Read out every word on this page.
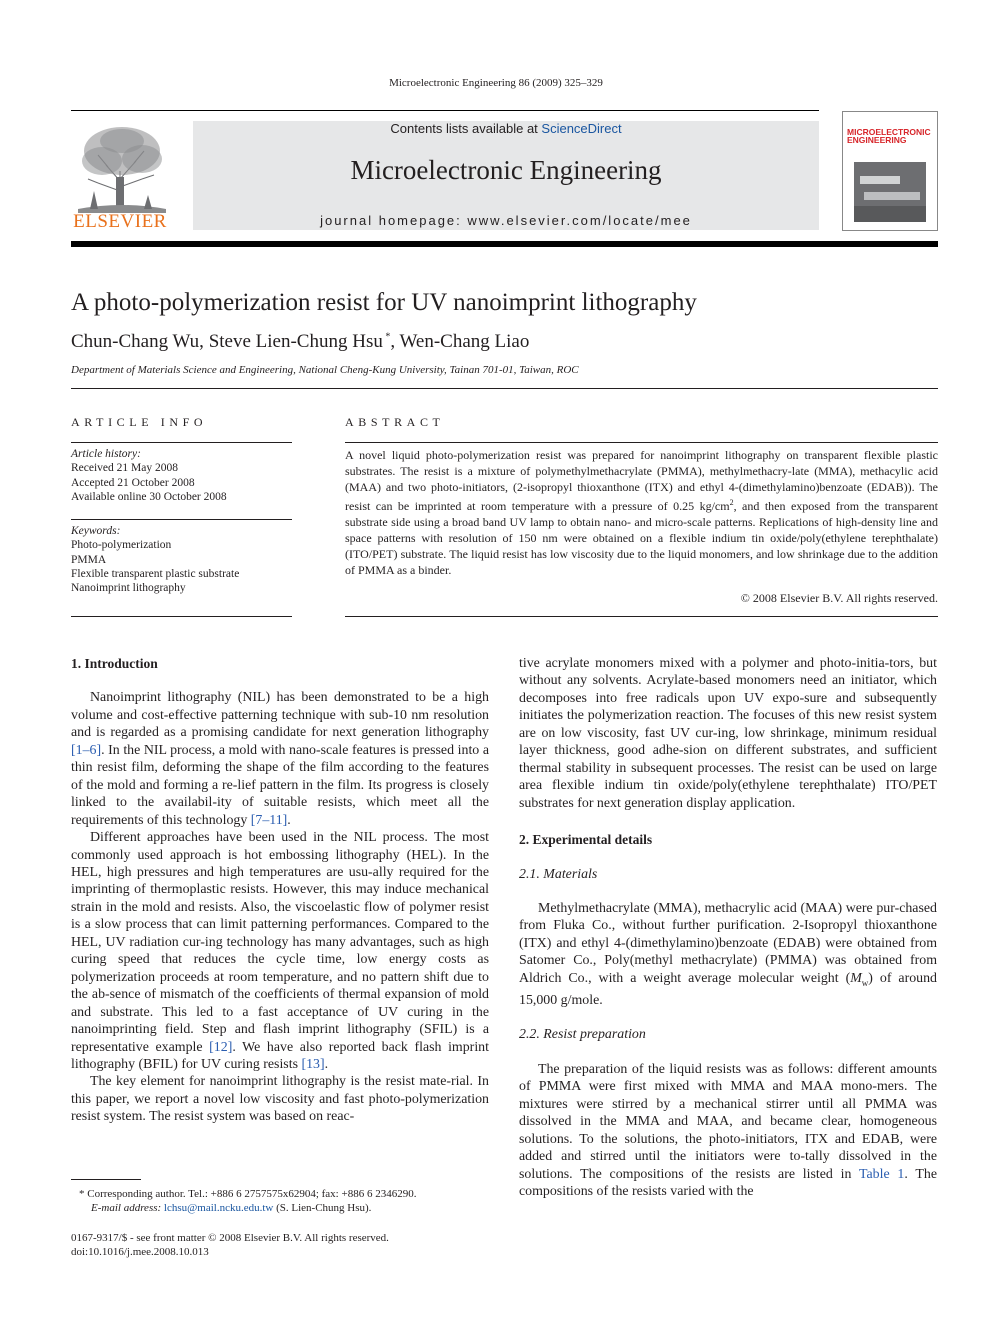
Microelectronic Engineering 86 (2009) 325–329
ELSEVIER
Contents lists available at ScienceDirect
Microelectronic Engineering
journal homepage: www.elsevier.com/locate/mee
MICROELECTRONIC ENGINEERING
A photo-polymerization resist for UV nanoimprint lithography
Chun-Chang Wu, Steve Lien-Chung Hsu *, Wen-Chang Liao
Department of Materials Science and Engineering, National Cheng-Kung University, Tainan 701-01, Taiwan, ROC
ARTICLE INFO	ABSTRACT
Article history:
Received 21 May 2008
Accepted 21 October 2008
Available online 30 October 2008
Keywords:
Photo-polymerization
PMMA
Flexible transparent plastic substrate
Nanoimprint lithography
A novel liquid photo-polymerization resist was prepared for nanoimprint lithography on transparent flexible plastic substrates. The resist is a mixture of polymethylmethacrylate (PMMA), methylmethacry-late (MMA), methacylic acid (MAA) and two photo-initiators, (2-isopropyl thioxanthone (ITX) and ethyl 4-(dimethylamino)benzoate (EDAB)). The resist can be imprinted at room temperature with a pressure of 0.25 $kg/cm^2$, and then exposed from the transparent substrate side using a broad band UV lamp to obtain nano- and micro-scale patterns. Replications of high-density line and space patterns with resolution of 150 nm were obtained on a flexible indium tin oxide/poly(ethylene terephthalate) (ITO/PET) substrate. The liquid resist has low viscosity due to the liquid monomers, and low shrinkage due to the addition of PMMA as a binder.
© 2008 Elsevier B.V. All rights reserved.
1. Introduction

Nanoimprint lithography (NIL) has been demonstrated to be a high volume and cost-effective patterning technique with sub-10 nm resolution and is regarded as a promising candidate for next generation lithography [1–6]. In the NIL process, a mold with nano-scale features is pressed into a thin resist film, deforming the shape of the film according to the features of the mold and forming a re-lief pattern in the film. Its progress is closely linked to the availabil-ity of suitable resists, which meet all the requirements of this technology [7–11].

Different approaches have been used in the NIL process. The most commonly used approach is hot embossing lithography (HEL). In the HEL, high pressures and high temperatures are usu-ally required for the imprinting of thermoplastic resists. However, this may induce mechanical strain in the mold and resists. Also, the viscoelastic flow of polymer resist is a slow process that can limit patterning performances. Compared to the HEL, UV radiation cur-ing technology has many advantages, such as high curing speed that reduces the cycle time, low energy costs as polymerization proceeds at room temperature, and no pattern shift due to the ab-sence of mismatch of the coefficients of thermal expansion of mold and substrate. This led to a fast acceptance of UV curing in the nanoimprinting field. Step and flash imprint lithography (SFIL) is a representative example [12]. We have also reported back flash imprint lithography (BFIL) for UV curing resists [13].

The key element for nanoimprint lithography is the resist mate-rial. In this paper, we report a novel low viscosity and fast photo-polymerization resist system. The resist system was based on reac-

tive acrylate monomers mixed with a polymer and photo-initia-tors, but without any solvents. Acrylate-based monomers need an initiator, which decomposes into free radicals upon UV expo-sure and subsequently initiates the polymerization reaction. The focuses of this new resist system are on low viscosity, fast UV cur-ing, low shrinkage, minimum residual layer thickness, good adhe-sion on different substrates, and sufficient thermal stability in subsequent processes. The resist can be used on large area flexible indium tin oxide/poly(ethylene terephthalate) ITO/PET substrates for next generation display application.

2. Experimental details
2.1. Materials

Methylmethacrylate (MMA), methacrylic acid (MAA) were pur-chased from Fluka Co., without further purification. 2-Isopropyl thioxanthone (ITX) and ethyl 4-(dimethylamino)benzoate (EDAB) were obtained from Satomer Co., Poly(methyl methacrylate) (PMMA) was obtained from Aldrich Co., with a weight average molecular weight $(M_w)$ of around 15,000 g/mole.

2.2. Resist preparation

The preparation of the liquid resists was as follows: different amounts of PMMA were first mixed with MMA and MAA mono-mers. The mixtures were stirred by a mechanical stirrer until all PMMA was dissolved in the MMA and MAA, and became clear, homogeneous solutions. To the solutions, the photo-initiators, ITX and EDAB, were added and stirred until the initiators were to-tally dissolved in the solutions. The compositions of the resists are listed in Table 1. The compositions of the resists varied with the

* Corresponding author. Tel.: +886 6 2757575x62904; fax: +886 6 2346290.
E-mail address: lchsu@mail.ncku.edu.tw (S. Lien-Chung Hsu).
0167-9317/$ - see front matter © 2008 Elsevier B.V. All rights reserved.
doi:10.1016/j.mee.2008.10.013
